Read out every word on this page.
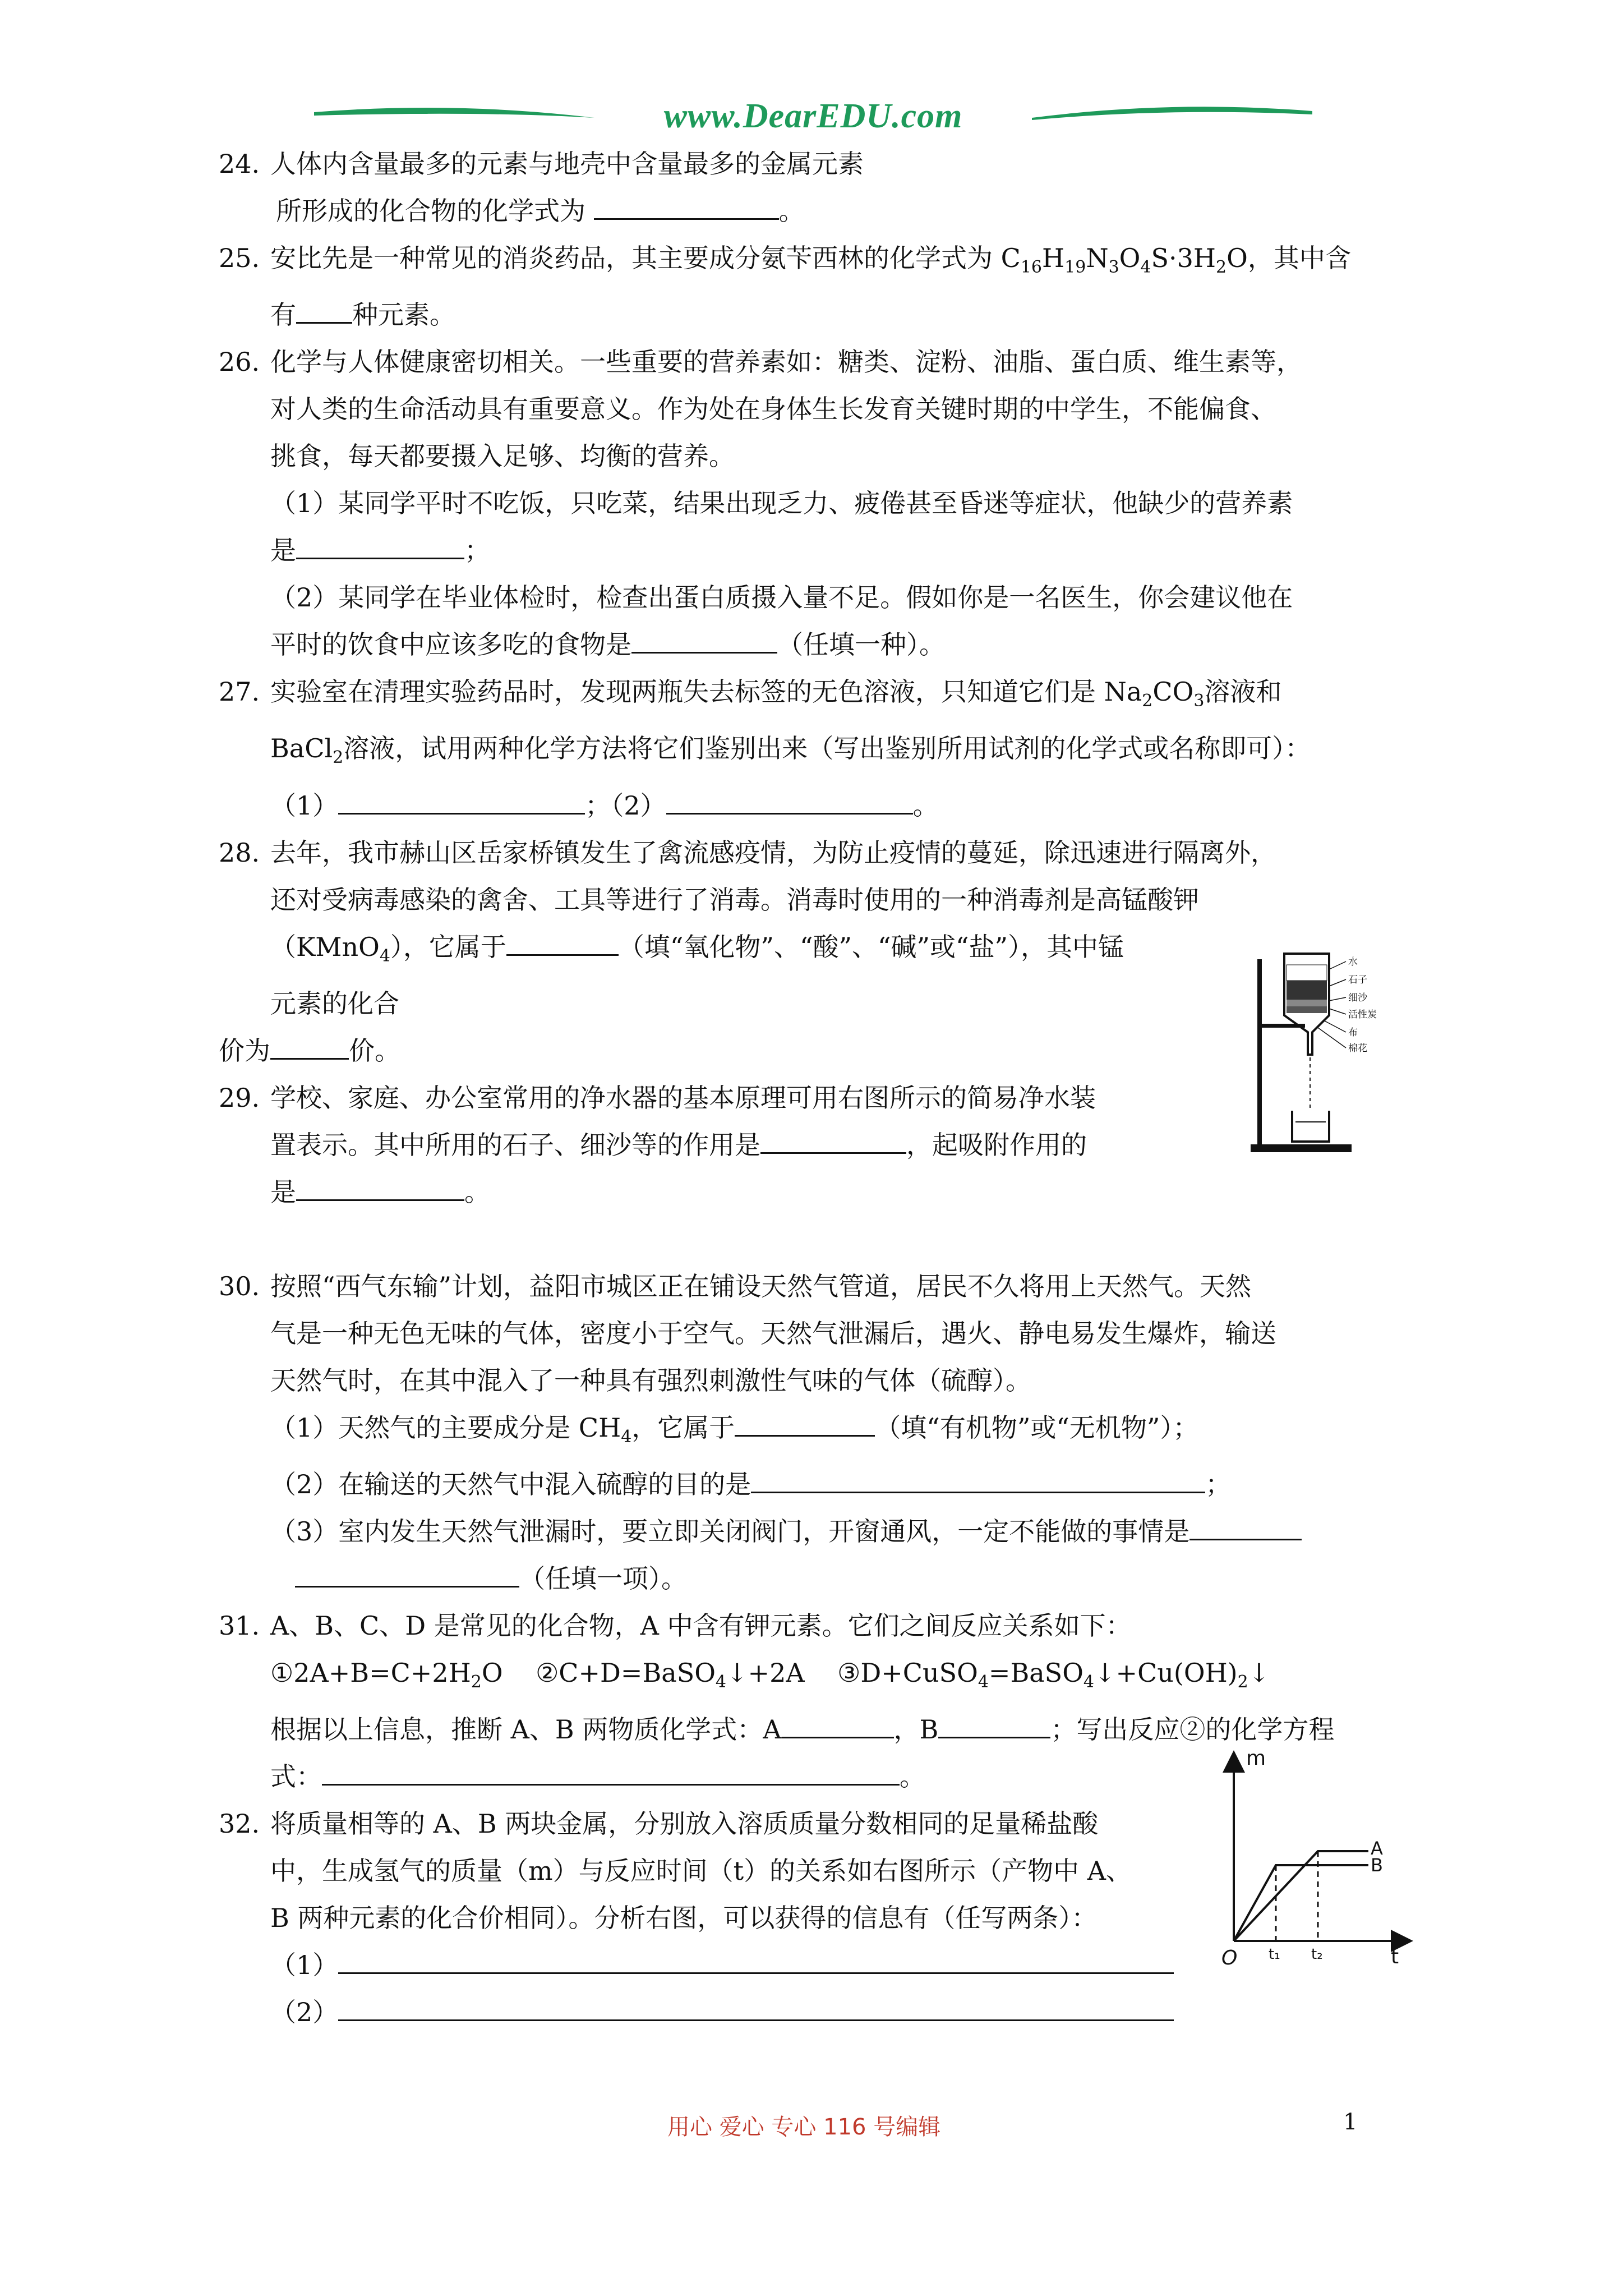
www.DearEDU.com
24. 人体内含量最多的元素与地壳中含量最多的金属元素
所形成的化合物的化学式为	。
25. 安比先是一种常见的消炎药品，其主要成分氨苄西林的化学式为 $C_{16}H_{19}N_3O_4S\cdot 3H_2O$，其中含
有 种元素。
26. 化学与人体健康密切相关。一些重要的营养素如：糖类、淀粉、油脂、蛋白质、维生素等，
对人类的生命活动具有重要意义。作为处在身体生长发育关键时期的中学生，不能偏食、
挑食，每天都要摄入足够、均衡的营养。
（1）某同学平时不吃饭，只吃菜，结果出现乏力、疲倦甚至昏迷等症状，他缺少的营养素
是	；
（2）某同学在毕业体检时，检查出蛋白质摄入量不足。假如你是一名医生，你会建议他在
平时的饮食中应该多吃的食物是	（任填一种）。
27. 实验室在清理实验药品时，发现两瓶失去标签的无色溶液，只知道它们是 $Na_2CO_3$溶液和
BaCl$_2$溶液，试用两种化学方法将它们鉴别出来（写出鉴别所用试剂的化学式或名称即可）：
（1）	；（2）	。
28. 去年，我市赫山区岳家桥镇发生了禽流感疫情，为防止疫情的蔓延，除迅速进行隔离外，
还对受病毒感染的禽舍、工具等进行了消毒。消毒时使用的一种消毒剂是高锰酸钾
（KMnO$_4$），它属于	（填“氧化物”、“酸”、“碱”或“盐”），其中锰
元素的化合
价为	价。
29. 学校、家庭、办公室常用的净水器的基本原理可用右图所示的简易净水装
置表示。其中所用的石子、细沙等的作用是	，起吸附作用的
是	。
30. 按照“西气东输”计划，益阳市城区正在铺设天然气管道，居民不久将用上天然气。天然
气是一种无色无味的气体，密度小于空气。天然气泄漏后，遇火、静电易发生爆炸，输送
天然气时，在其中混入了一种具有强烈刺激性气味的气体（硫醇）。
（1）天然气的主要成分是 $CH_4$，它属于	（填“有机物”或“无机物”）；
（2）在输送的天然气中混入硫醇的目的是	；
（3）室内发生天然气泄漏时，要立即关闭阀门，开窗通风，一定不能做的事情是
（任填一项）。
31. A、B、C、D 是常见的化合物，A 中含有钾元素。它们之间反应关系如下：
$①2A+B=C+2H_2O$ ②C+D=BaSO$_4$↓+2A $③D+CuSO_4=BaSO_4↓+Cu(OH)_2↓$
根据以上信息，推断 A、B 两物质化学式：A	，B	；写出反应②的化学方程
式：	。
32. 将质量相等的 A、B 两块金属，分别放入溶质质量分数相同的足量稀盐酸
中，生成氢气的质量（m）与反应时间（t）的关系如右图所示（产物中 A、
B 两种元素的化合价相同）。分析右图，可以获得的信息有（任写两条）：
（1）
（2）
水
石子
细沙
活性炭
布
棉花
m
t
O
A
B
t₁ t₂
用心 爱心 专心 116 号编辑	1
